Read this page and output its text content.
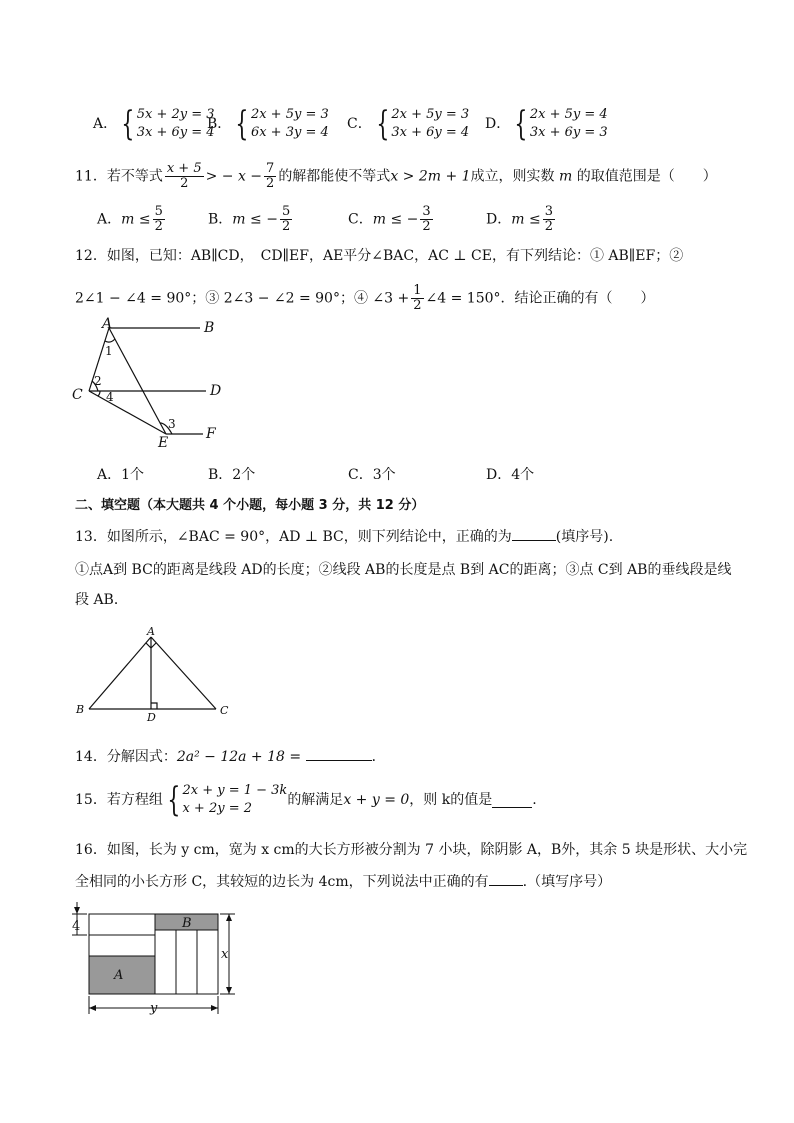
A． { 5x + 2y = 3
3x + 6y = 4
B． { 2x + 5y = 3
6x + 3y = 4
C． { 2x + 5y = 3
3x + 6y = 4
D． { 2x + 5y = 4
3x + 6y = 3
11．若不等式 $\frac{x + 5}{2}$ > − $x - \frac{7}{2}$ 的解都能使不等式x > 2m + 1成立，则实数 m 的取值范围是（　　）
A．$m \le \frac{5}{2}$	B．m ≤ − $\frac{5}{2}$	C．m ≤ − $\frac{3}{2}$	D．$m \le \frac{3}{2}$
12．如图，已知：AB∥CD，　CD∥EF，AE平分∠BAC，AC ⊥ CE，有下列结论：① AB∥EF；②
2∠1 − ∠4 = 90°；③ 2∠3 − ∠2 = 90°；④ ∠3 + $\frac{1}{2}$ ∠4 = 150°．结论正确的有（　　）
A	B
C	D
E
F
1
2
4
3
A．1个	B．2个	C．3个	D．4个
二、填空题（本大题共 4 个小题，每小题 3 分，共 12 分）
13．如图所示，∠BAC = 90°，AD ⊥ BC，则下列结论中，正确的为	(填序号).
①点A到 BC的距离是线段 AD的长度；②线段 AB的长度是点 B到 AC的距离；③点 C到 AB的垂线段是线
段 AB．
A
B	C
D
14．分解因式：2a² − 12a + 18 =	．
15．若方程组 { 2x + y = 1 − 3k
x + 2y = 2
的解满足 x + y = 0 ，则 k的值是	.
16．如图，长为 y cm，宽为 x cm的大长方形被分割为 7 小块，除阴影 A，B外，其余 5 块是形状、大小完
全相同的小长方形 C，其较短的边长为 4cm，下列说法中正确的有 .（填写序号）
A
B
x
y
4
